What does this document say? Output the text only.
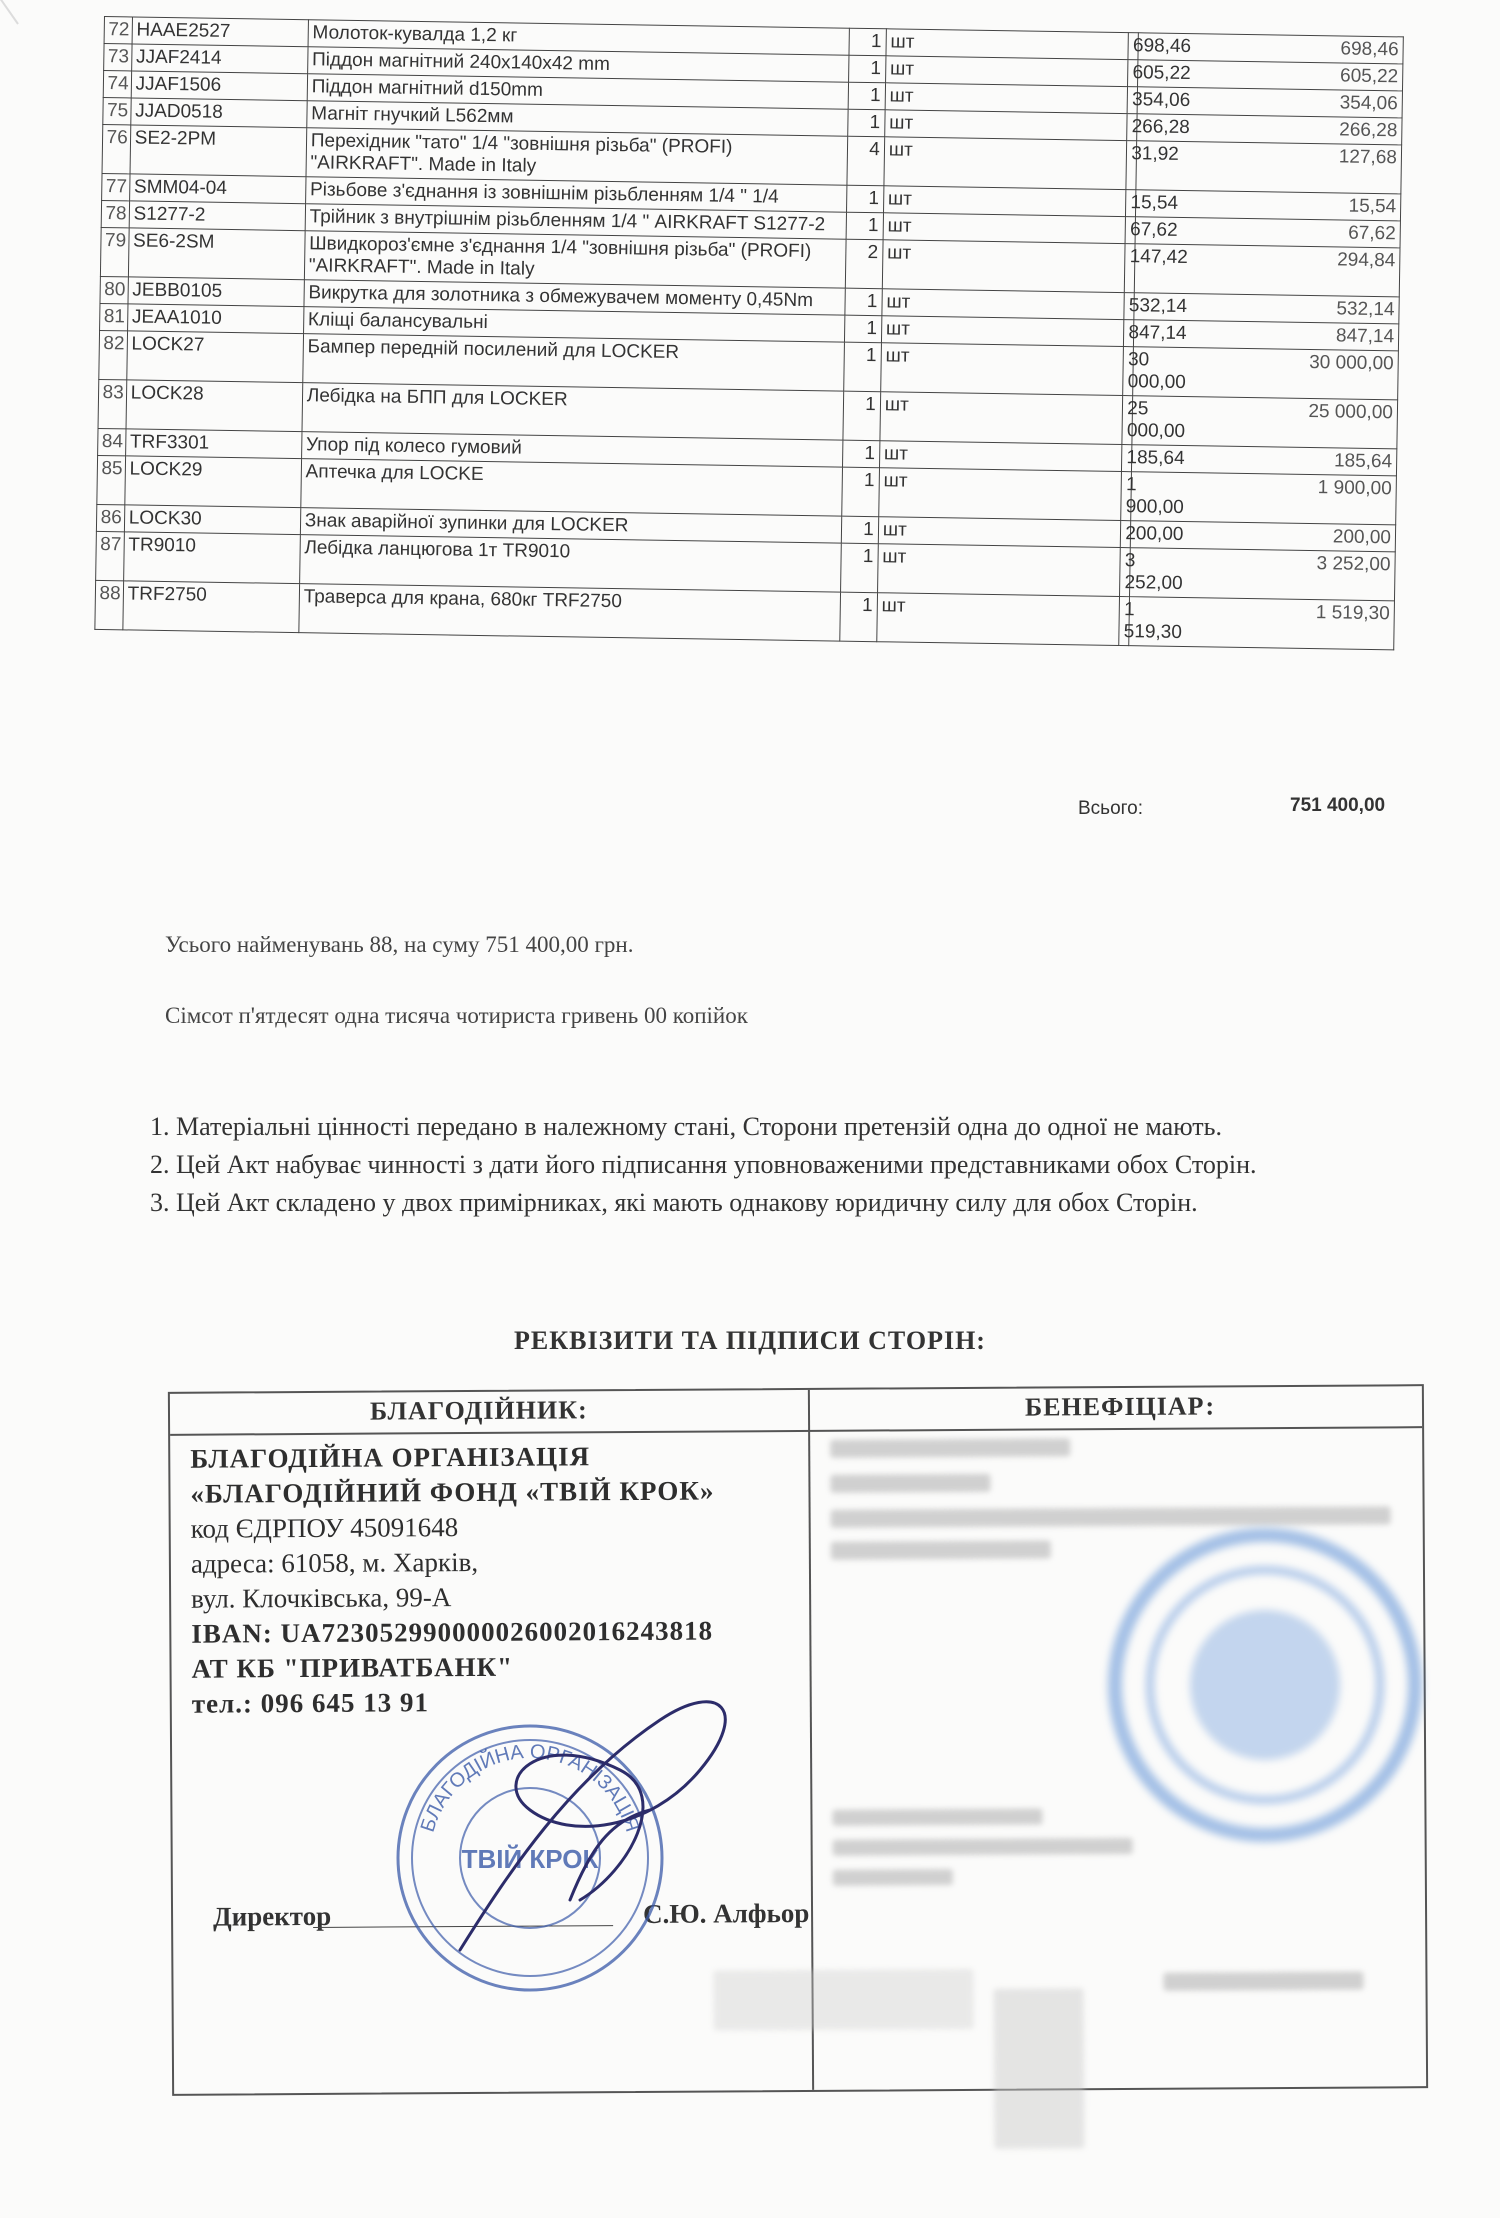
72	HAAE2527	Молоток-кувалда 1,2 кг	1	шт	698,46	698,46
73	JJAF2414	Піддон магнітний 240х140х42 mm	1	шт	605,22	605,22
74	JJAF1506	Піддон магнітний d150mm	1	шт	354,06	354,06
75	JJAD0518	Магніт гнучкий L562мм	1	шт	266,28	266,28
76	SE2-2PM	Перехідник "тато" 1/4 "зовнішня різьба" (PROFI) "AIRKRAFT". Made in Italy	4	шт	31,92	127,68
77	SMM04-04	Різьбове з'єднання із зовнішнім різьбленням 1/4 " 1/4	1	шт	15,54	15,54
78	S1277-2	Трійник з внутрішнім різьбленням 1/4 " AIRKRAFT S1277-2	1	шт	67,62	67,62
79	SE6-2SM	Швидкороз'ємне з'єднання 1/4 "зовнішня різьба" (PROFI) "AIRKRAFT". Made in Italy	2	шт	147,42	294,84
80	JEBB0105	Викрутка для золотника з обмежувачем моменту 0,45Nm	1	шт	532,14	532,14
81	JEAA1010	Кліщі балансувальні	1	шт	847,14	847,14
82	LOCK27	Бампер передній посилений для LOCKER	1	шт	30 000,00	30 000,00
83	LOCK28	Лебідка на БПП для LOCKER	1	шт	25 000,00	25 000,00
84	TRF3301	Упор під колесо гумовий	1	шт	185,64	185,64
85	LOCK29	Аптечка для LOCKE	1	шт	1 900,00	1 900,00
86	LOCK30	Знак аварійної зупинки для LOCKER	1	шт	200,00	200,00
87	TR9010	Лебідка ланцюгова 1т TR9010	1	шт	3 252,00	3 252,00
88	TRF2750	Траверса для крана, 680кг TRF2750	1	шт	1 519,30	1 519,30
Всього:	751 400,00
Усього найменувань 88, на суму 751 400,00 грн.
Сімсот п'ятдесят одна тисяча чотириста гривень 00 копійок

1. Матеріальні цінності передано в належному стані, Сторони претензій одна до одної не мають.

2. Цей Акт набуває чинності з дати його підписання уповноваженими представниками обох Сторін.

3. Цей Акт складено у двох примірниках, які мають однакову юридичну силу для обох Сторін.

РЕКВІЗИТИ ТА ПІДПИСИ СТОРІН:
БЛАГОДІЙНИК:	БЕНЕФІЦІАР:
БЛАГОДІЙНА ОРГАНІЗАЦІЯ
«БЛАГОДІЙНИЙ ФОНД «ТВІЙ КРОК»
код ЄДРПОУ 45091648
адреса: 61058, м. Харків,
вул. Клочківська, 99-А
IBAN: UA723052990000026002016243818
АТ КБ "ПРИВАТБАНК"
тел.: 096 645 13 91
Директор	С.Ю. Алфьор
БЛАГОДІЙНА ОРГАНІЗАЦІЯ
ТВІЙ КРОК
